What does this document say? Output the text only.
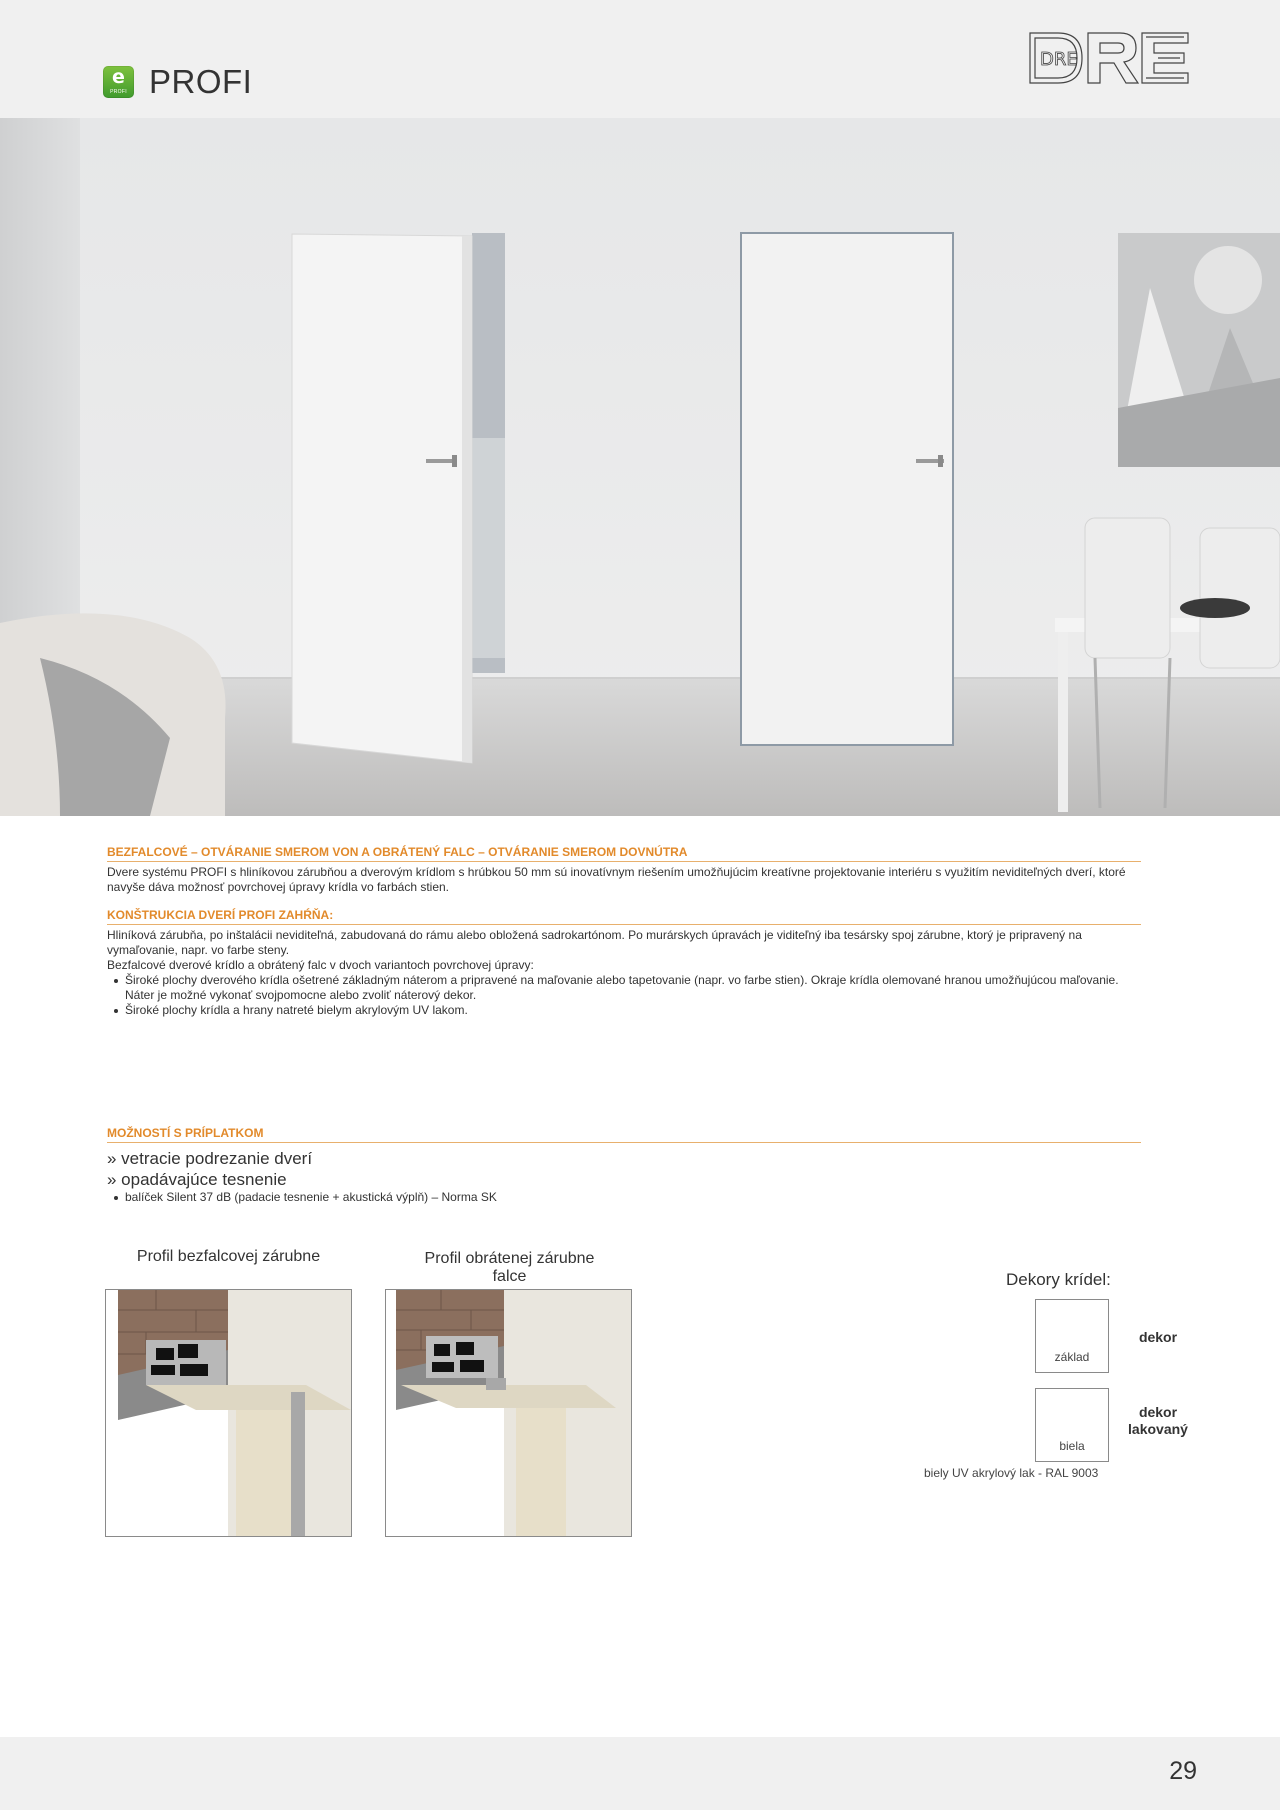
e
PROFI PROFI
DRE
BEZFALCOVÉ – OTVÁRANIE SMEROM VON A OBRÁTENÝ FALC – OTVÁRANIE SMEROM DOVNÚTRA

Dvere systému PROFI s hliníkovou zárubňou a dverovým krídlom s hrúbkou 50 mm sú inovatívnym riešením umožňujúcim kreatívne projektovanie interiéru s využitím neviditeľných dverí, ktoré navyše dáva možnosť povrchovej úpravy krídla vo farbách stien.

KONŠTRUKCIA DVERÍ PROFI ZAHŔŇA:

Hliníková zárubňa, po inštalácii neviditeľná, zabudovaná do rámu alebo obložená sadrokartónom. Po murárskych úpravách je viditeľný iba tesársky spoj zárubne, ktorý je pripravený na vymaľovanie, napr. vo farbe steny.

Bezfalcové dverové krídlo a obrátený falc v dvoch variantoch povrchovej úpravy:

Široké plochy dverového krídla ošetrené základným náterom a pripravené na maľovanie alebo tapetovanie (napr. vo farbe stien). Okraje krídla olemované hranou umožňujúcou maľovanie. Náter je možné vykonať svojpomocne alebo zvoliť náterový dekor.
Široké plochy krídla a hrany natreté bielym akrylovým UV lakom.
MOŽNOSTÍ S PRÍPLATKOM
» vetracie podrezanie dverí
» opadávajúce tesnenie
balíček Silent 37 dB (padacie tesnenie + akustická výplň) – Norma SK
Profil bezfalcovej zárubne	Profil obrátenej zárubne
falce	Dekory krídel:
základ
dekor
biela
dekor
lakovaný
biely UV akrylový lak - RAL 9003
29
